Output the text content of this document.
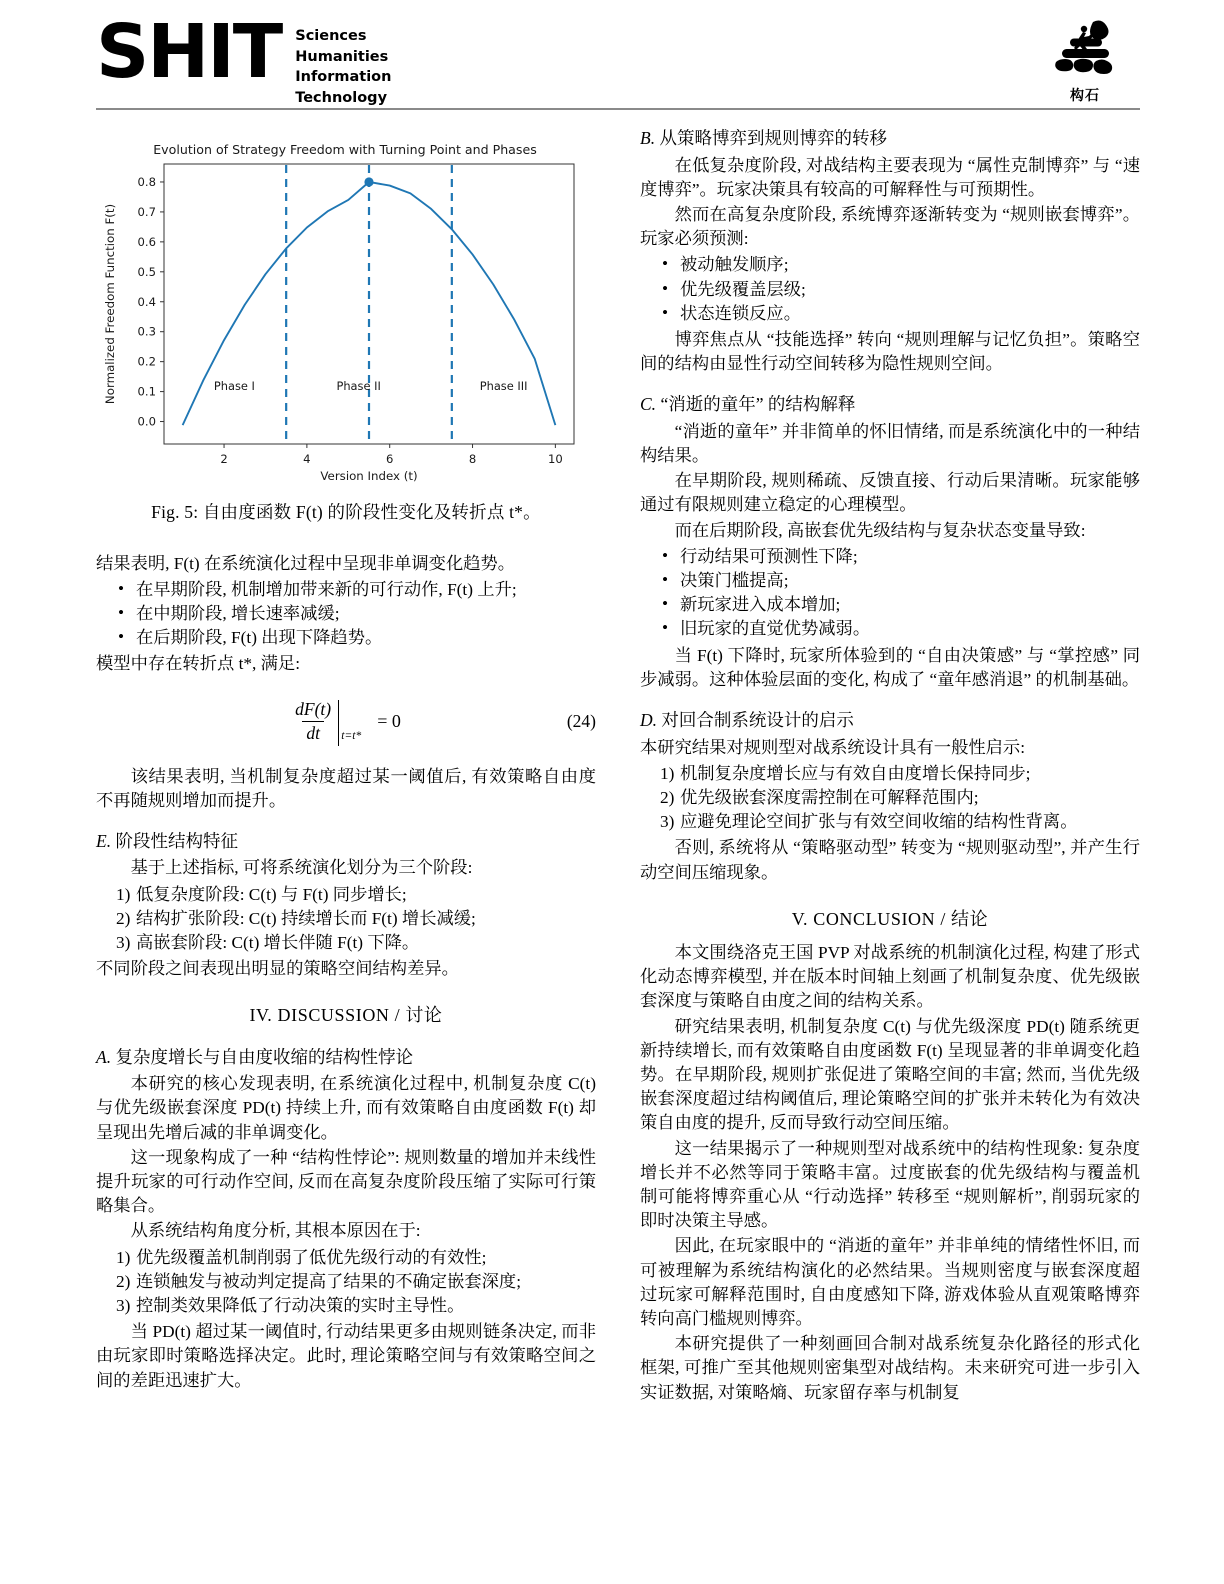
SHIT Sciences
Humanities
Information
Technology	构石
Evolution of Strategy Freedom with Turning Point and Phases
0.0
0.1
0.2
0.3
0.4
0.5
0.6
0.7
0.8
2	4	6	8	10
Phase I	Phase II	Phase III
Version Index (t)
Normalized Freedom Function F(t)
Fig. 5: 自由度函数 F(t) 的阶段性变化及转折点 t*。

结果表明, F(t) 在系统演化过程中呈现非单调变化趋势。

• 在早期阶段, 机制增加带来新的可行动作, F(t) 上升;
• 在中期阶段, 增长速率减缓;
• 在后期阶段, F(t) 出现下降趋势。

模型中存在转折点 t*, 满足:

$\frac{dF(t)}{dt} t=t*$
= 0	(24)

该结果表明, 当机制复杂度超过某一阈值后, 有效策略自由度不再随规则增加而提升。

E. 阶段性结构特征

基于上述指标, 可将系统演化划分为三个阶段:

1) 低复杂度阶段: C(t) 与 F(t) 同步增长;
2) 结构扩张阶段: C(t) 持续增长而 F(t) 增长减缓;
3) 高嵌套阶段: C(t) 增长伴随 F(t) 下降。

不同阶段之间表现出明显的策略空间结构差异。

IV. DISCUSSION / 讨论
A. 复杂度增长与自由度收缩的结构性悖论

本研究的核心发现表明, 在系统演化过程中, 机制复杂度 C(t) 与优先级嵌套深度 PD(t) 持续上升, 而有效策略自由度函数 F(t) 却呈现出先增后减的非单调变化。

这一现象构成了一种 “结构性悖论”: 规则数量的增加并未线性提升玩家的可行动作空间, 反而在高复杂度阶段压缩了实际可行策略集合。

从系统结构角度分析, 其根本原因在于:

1) 优先级覆盖机制削弱了低优先级行动的有效性;
2) 连锁触发与被动判定提高了结果的不确定嵌套深度;
3) 控制类效果降低了行动决策的实时主导性。

当 PD(t) 超过某一阈值时, 行动结果更多由规则链条决定, 而非由玩家即时策略选择决定。此时, 理论策略空间与有效策略空间之间的差距迅速扩大。

B. 从策略博弈到规则博弈的转移

在低复杂度阶段, 对战结构主要表现为 “属性克制博弈” 与 “速度博弈”。玩家决策具有较高的可解释性与可预期性。

然而在高复杂度阶段, 系统博弈逐渐转变为 “规则嵌套博弈”。玩家必须预测:

• 被动触发顺序;
• 优先级覆盖层级;
• 状态连锁反应。

博弈焦点从 “技能选择” 转向 “规则理解与记忆负担”。策略空间的结构由显性行动空间转移为隐性规则空间。

C. “消逝的童年” 的结构解释

“消逝的童年” 并非简单的怀旧情绪, 而是系统演化中的一种结构结果。

在早期阶段, 规则稀疏、反馈直接、行动后果清晰。玩家能够通过有限规则建立稳定的心理模型。

而在后期阶段, 高嵌套优先级结构与复杂状态变量导致:

• 行动结果可预测性下降;
• 决策门槛提高;
• 新玩家进入成本增加;
• 旧玩家的直觉优势减弱。

当 F(t) 下降时, 玩家所体验到的 “自由决策感” 与 “掌控感” 同步减弱。这种体验层面的变化, 构成了 “童年感消退” 的机制基础。

D. 对回合制系统设计的启示

本研究结果对规则型对战系统设计具有一般性启示:

1) 机制复杂度增长应与有效自由度增长保持同步;
2) 优先级嵌套深度需控制在可解释范围内;
3) 应避免理论空间扩张与有效空间收缩的结构性背离。

否则, 系统将从 “策略驱动型” 转变为 “规则驱动型”, 并产生行动空间压缩现象。

V. CONCLUSION / 结论

本文围绕洛克王国 PVP 对战系统的机制演化过程, 构建了形式化动态博弈模型, 并在版本时间轴上刻画了机制复杂度、优先级嵌套深度与策略自由度之间的结构关系。

研究结果表明, 机制复杂度 C(t) 与优先级深度 PD(t) 随系统更新持续增长, 而有效策略自由度函数 F(t) 呈现显著的非单调变化趋势。在早期阶段, 规则扩张促进了策略空间的丰富; 然而, 当优先级嵌套深度超过结构阈值后, 理论策略空间的扩张并未转化为有效决策自由度的提升, 反而导致行动空间压缩。

这一结果揭示了一种规则型对战系统中的结构性现象: 复杂度增长并不必然等同于策略丰富。过度嵌套的优先级结构与覆盖机制可能将博弈重心从 “行动选择” 转移至 “规则解析”, 削弱玩家的即时决策主导感。

因此, 在玩家眼中的 “消逝的童年” 并非单纯的情绪性怀旧, 而可被理解为系统结构演化的必然结果。当规则密度与嵌套深度超过玩家可解释范围时, 自由度感知下降, 游戏体验从直观策略博弈转向高门槛规则博弈。

本研究提供了一种刻画回合制对战系统复杂化路径的形式化框架, 可推广至其他规则密集型对战结构。未来研究可进一步引入实证数据, 对策略熵、玩家留存率与机制复
